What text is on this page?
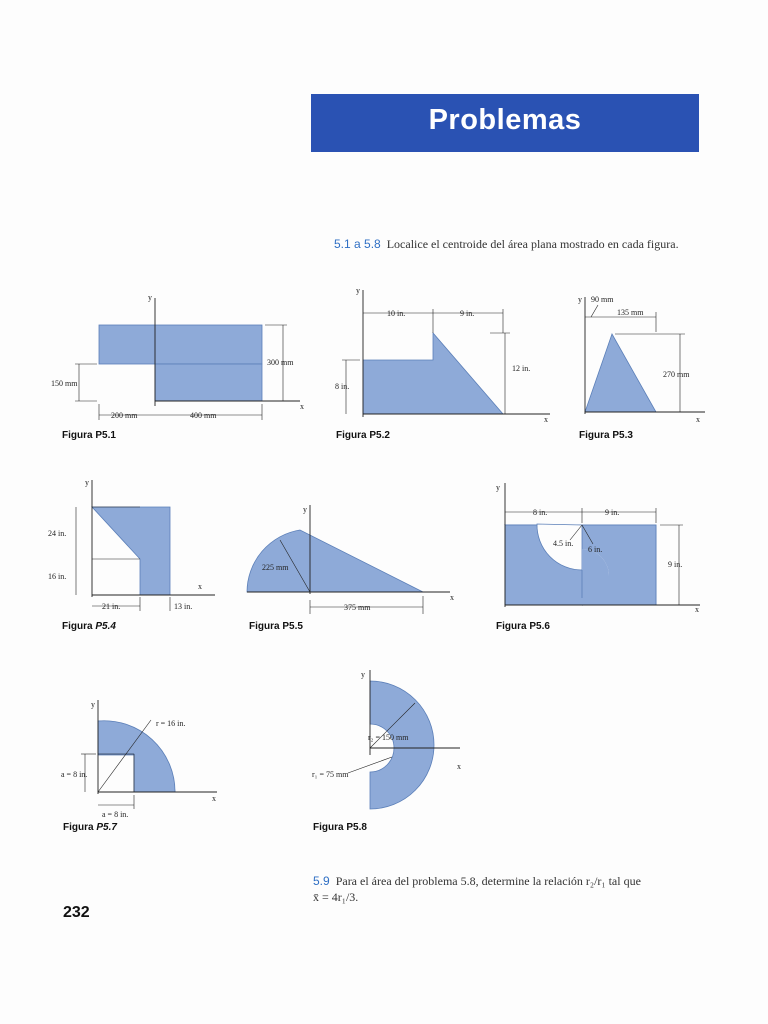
Problemas
5.1 a 5.8 Localice el centroide del área plana mostrado en cada figura.
y
x
300 mm
150 mm
200 mm	400 mm
Figura P5.1
y
x
10 in.	9 in.
12 in.
8 in.
Figura P5.2
y
x
90 mm
135 mm
270 mm
Figura P5.3
y
x
24 in.
16 in.
21 in.	13 in.
Figura P5.4
y
x
225 mm
375 mm
Figura P5.5
y
x
8 in.	9 in.
4.5 in.
6 in.
9 in.
Figura P5.6
y
x
r = 16 in.
a = 8 in.
a = 8 in.
Figura P5.7
y
x
r₂ = 150 mm
r₁ = 75 mm
Figura P5.8
5.9 Para el área del problema 5.8, determine la relación r₂/r₁ tal que
x̄ = 4r₁/3.
232
